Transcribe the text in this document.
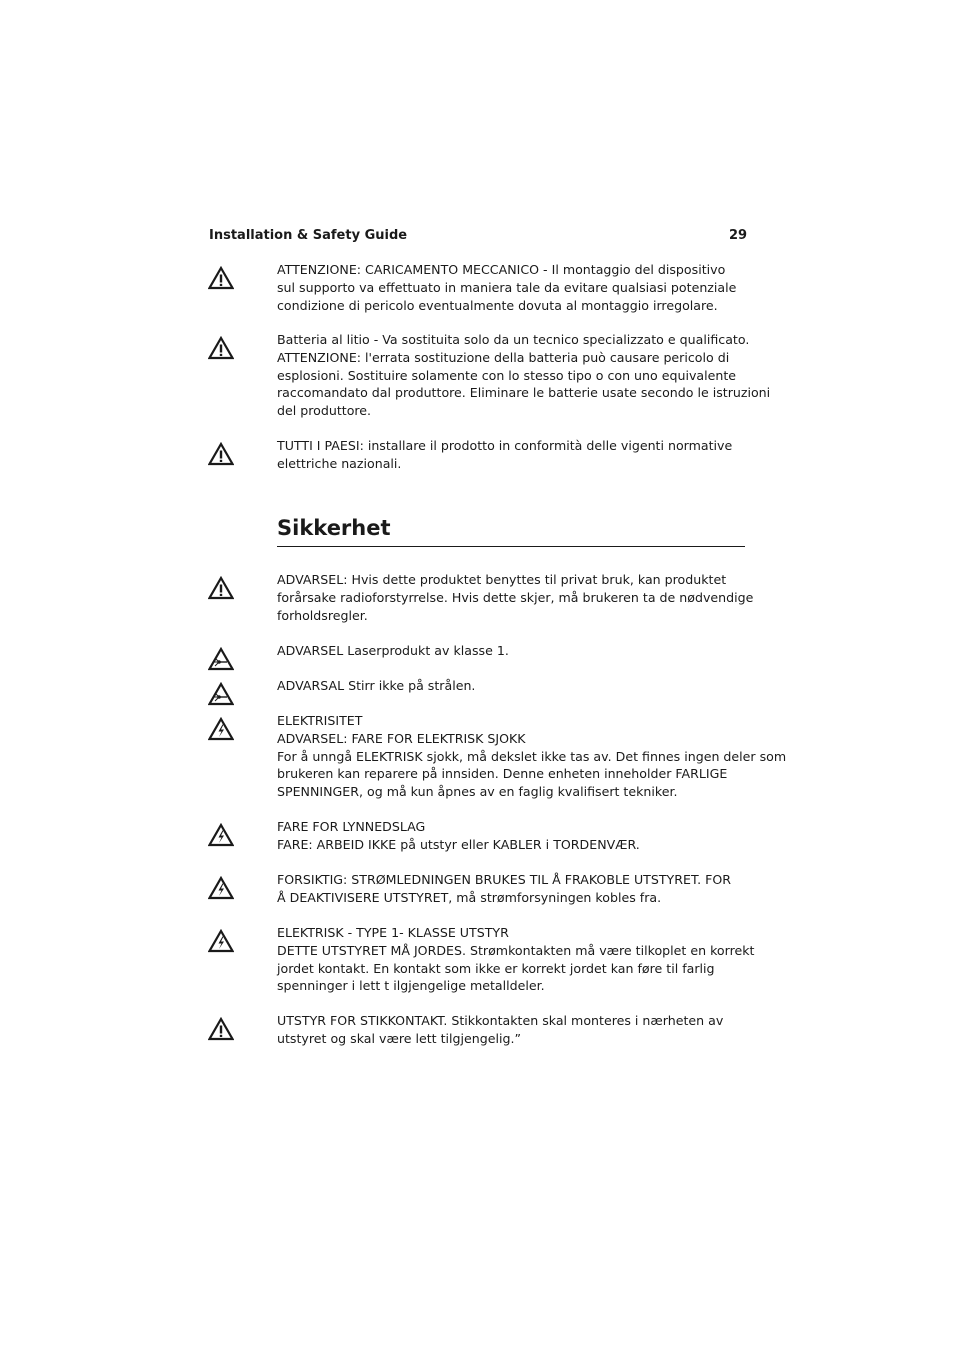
Installation & Safety Guide	29
ATTENZIONE: CARICAMENTO MECCANICO - Il montaggio del dispositivo
sul supporto va effettuato in maniera tale da evitare qualsiasi potenziale
condizione di pericolo eventualmente dovuta al montaggio irregolare.
Batteria al litio - Va sostituita solo da un tecnico specializzato e qualificato.
ATTENZIONE: l'errata sostituzione della batteria può causare pericolo di
esplosioni. Sostituire solamente con lo stesso tipo o con uno equivalente
raccomandato dal produttore. Eliminare le batterie usate secondo le istruzioni
del produttore.
TUTTI I PAESI: installare il prodotto in conformità delle vigenti normative
elettriche nazionali.
Sikkerhet
ADVARSEL: Hvis dette produktet benyttes til privat bruk, kan produktet
forårsake radioforstyrrelse. Hvis dette skjer, må brukeren ta de nødvendige
forholdsregler.
ADVARSEL Laserprodukt av klasse 1.
ADVARSAL Stirr ikke på strålen.
ELEKTRISITET
ADVARSEL: FARE FOR ELEKTRISK SJOKK
For å unngå ELEKTRISK sjokk, må dekslet ikke tas av. Det finnes ingen deler som
brukeren kan reparere på innsiden. Denne enheten inneholder FARLIGE
SPENNINGER, og må kun åpnes av en faglig kvalifisert tekniker.
FARE FOR LYNNEDSLAG
FARE: ARBEID IKKE på utstyr eller KABLER i TORDENVÆR.
FORSIKTIG: STRØMLEDNINGEN BRUKES TIL Å FRAKOBLE UTSTYRET. FOR
Å DEAKTIVISERE UTSTYRET, må strømforsyningen kobles fra.
ELEKTRISK - TYPE 1- KLASSE UTSTYR
DETTE UTSTYRET MÅ JORDES. Strømkontakten må være tilkoplet en korrekt
jordet kontakt. En kontakt som ikke er korrekt jordet kan føre til farlig
spenninger i lett t ilgjengelige metalldeler.
UTSTYR FOR STIKKONTAKT. Stikkontakten skal monteres i nærheten av
utstyret og skal være lett tilgjengelig.”
